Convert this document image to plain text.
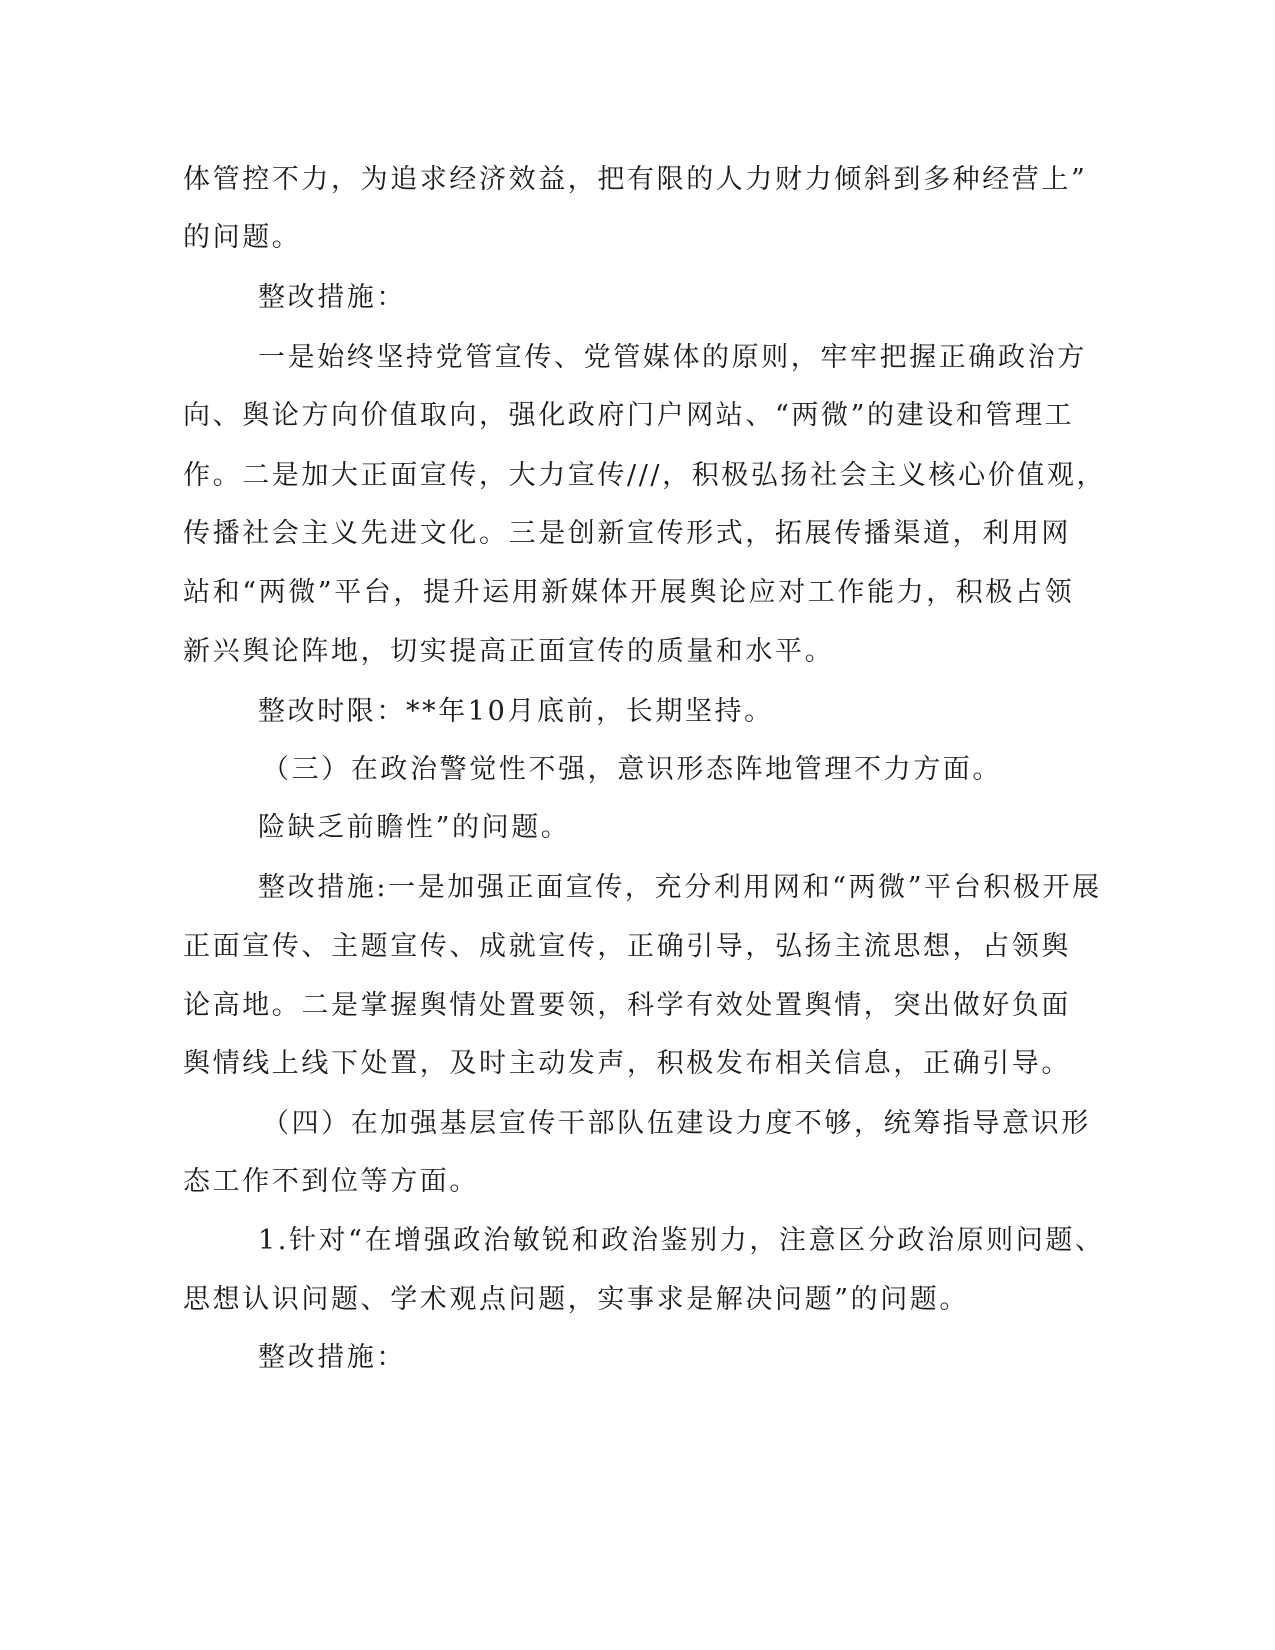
体管控不力，为追求经济效益，把有限的人力财力倾斜到多种经营上”
的问题。
整改措施：
一是始终坚持党管宣传、党管媒体的原则，牢牢把握正确政治方
向、舆论方向价值取向，强化政府门户网站、“两微”的建设和管理工
作。二是加大正面宣传，大力宣传///，积极弘扬社会主义核心价值观，
传播社会主义先进文化。三是创新宣传形式，拓展传播渠道，利用网
站和“两微”平台，提升运用新媒体开展舆论应对工作能力，积极占领
新兴舆论阵地，切实提高正面宣传的质量和水平。
整改时限：**年10月底前，长期坚持。
（三）在政治警觉性不强，意识形态阵地管理不力方面。
险缺乏前瞻性”的问题。
整改措施:一是加强正面宣传，充分利用网和“两微”平台积极开展
正面宣传、主题宣传、成就宣传，正确引导，弘扬主流思想，占领舆
论高地。二是掌握舆情处置要领，科学有效处置舆情，突出做好负面
舆情线上线下处置，及时主动发声，积极发布相关信息，正确引导。
（四）在加强基层宣传干部队伍建设力度不够，统筹指导意识形
态工作不到位等方面。
1.针对“在增强政治敏锐和政治鉴别力，注意区分政治原则问题、
思想认识问题、学术观点问题，实事求是解决问题”的问题。
整改措施：
